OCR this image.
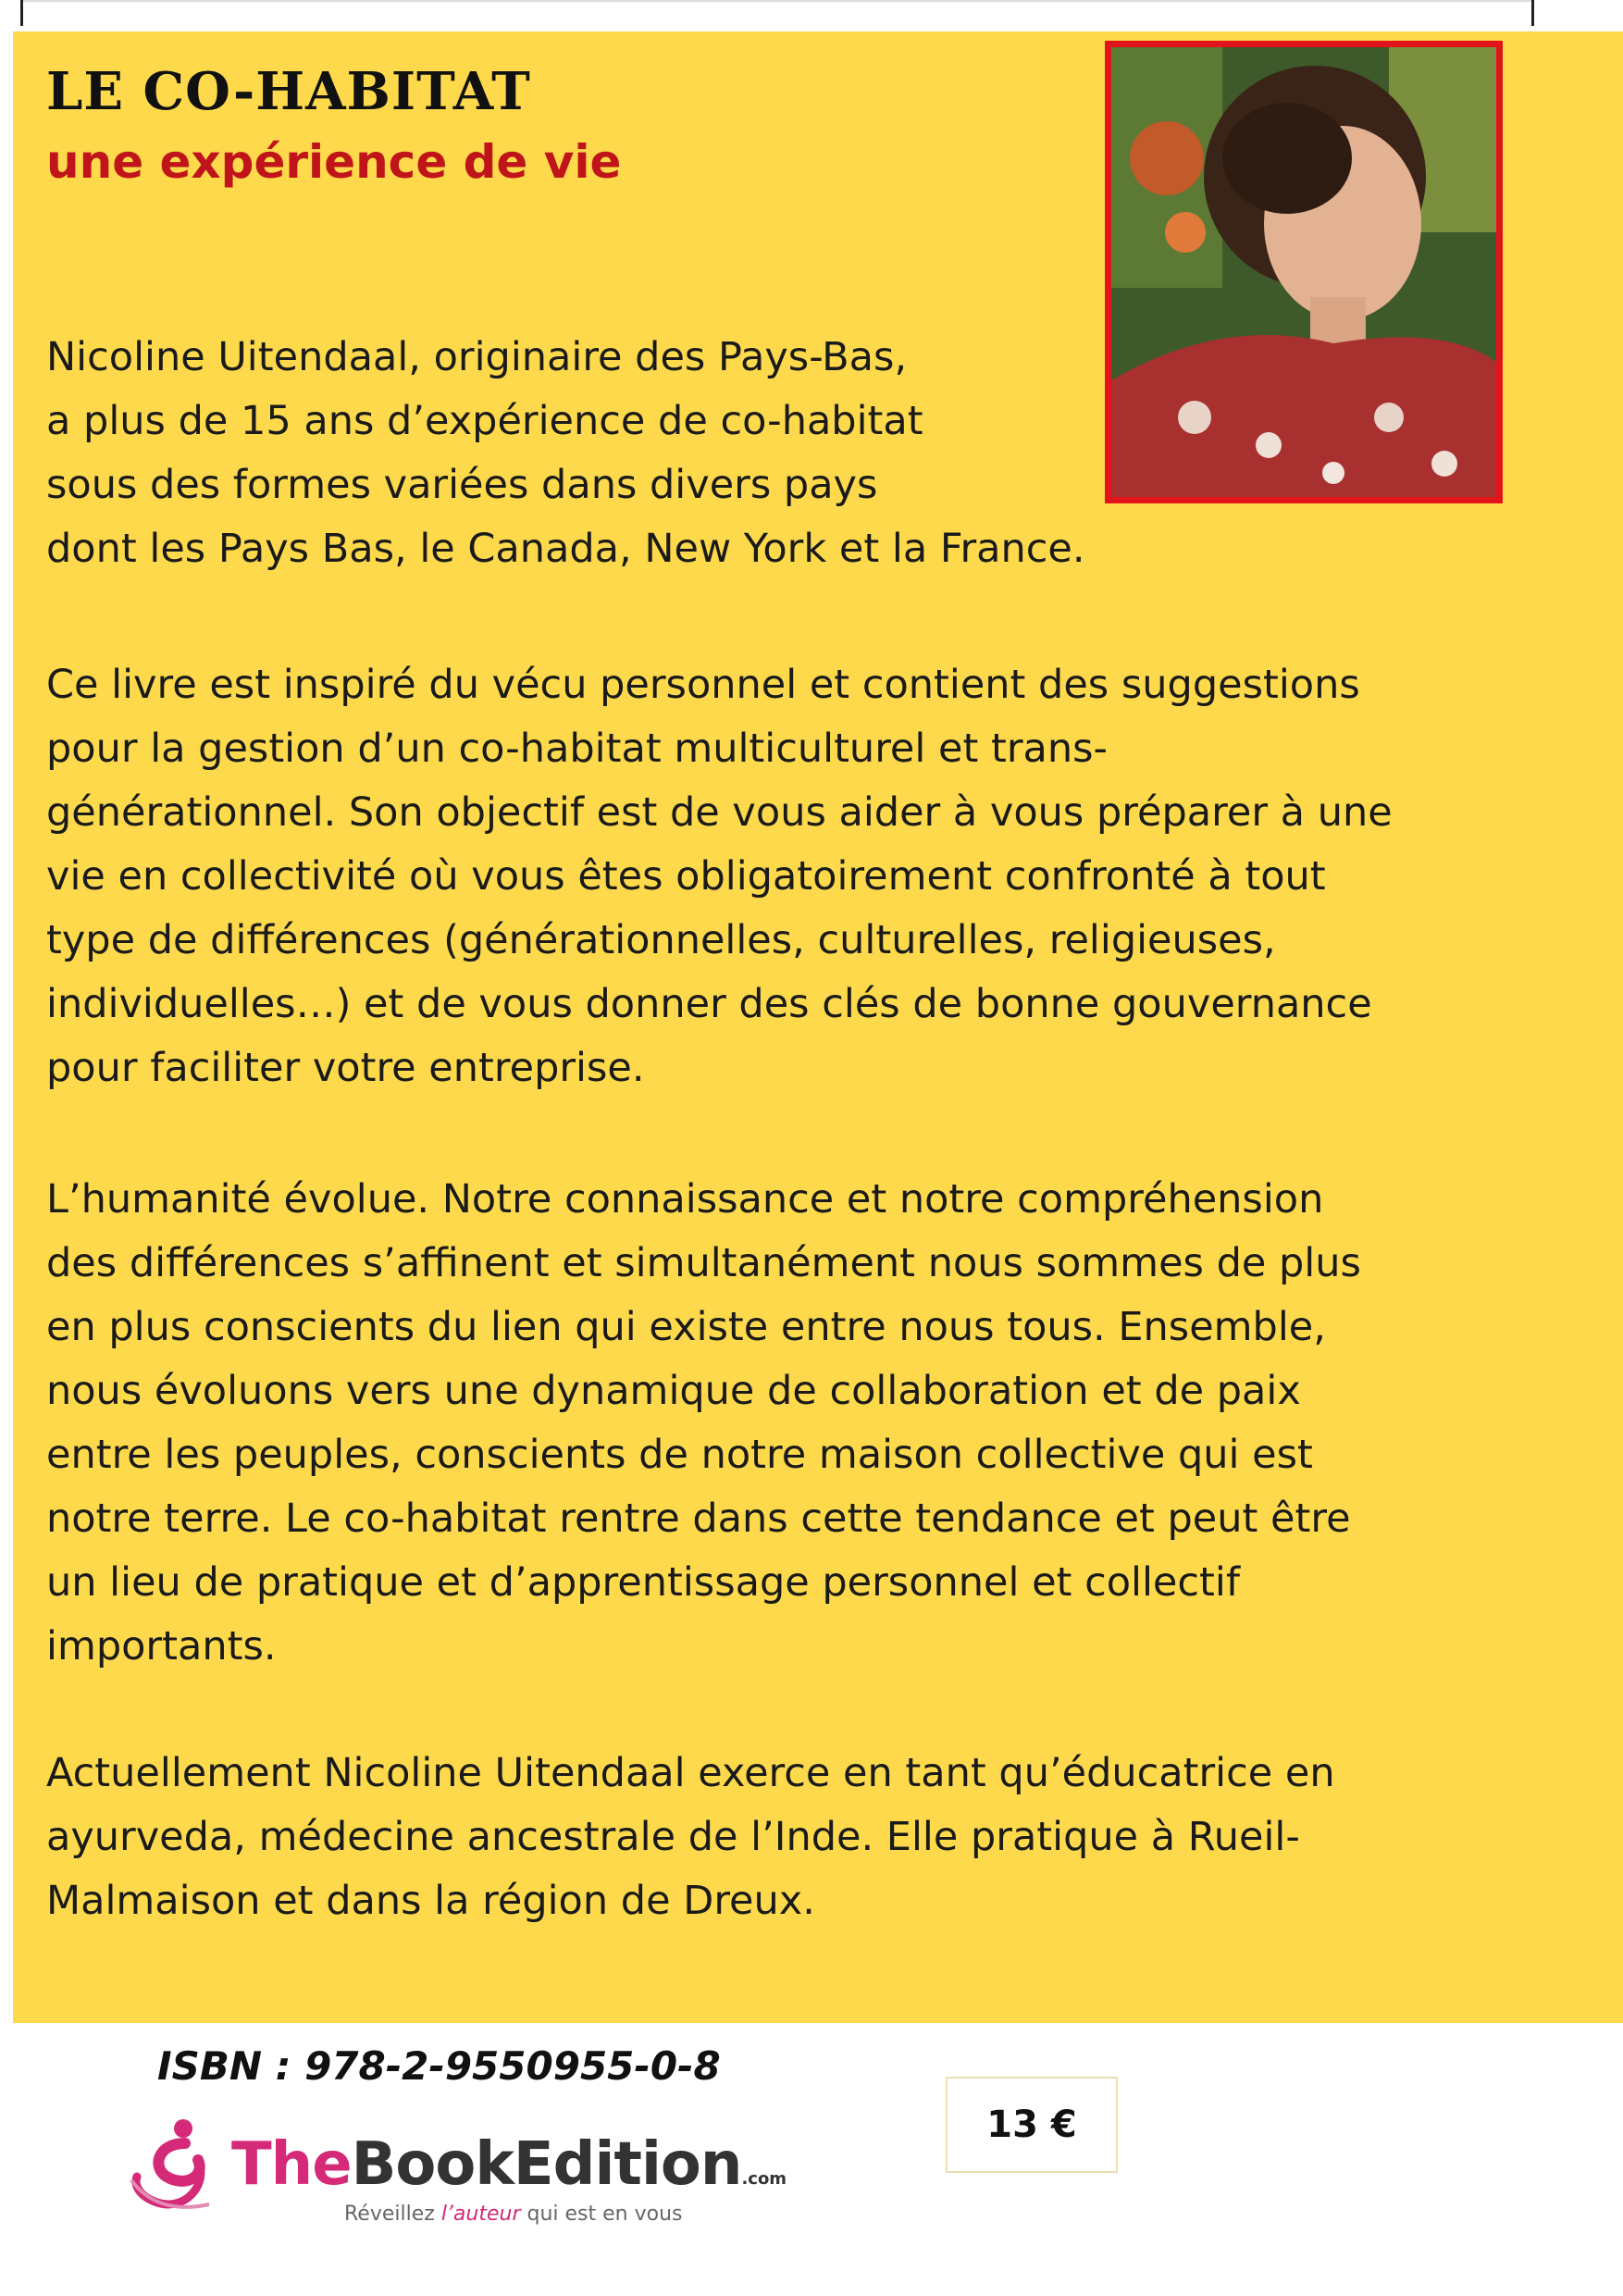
LE CO-HABITAT
une expérience de vie

Nicoline Uitendaal, originaire des Pays-Bas,
a plus de 15 ans d’expérience de co-habitat
sous des formes variées dans divers pays
dont les Pays Bas, le Canada, New York et la France.

Ce livre est inspiré du vécu personnel et contient des suggestions
pour la gestion d’un co-habitat multiculturel et trans-
générationnel. Son objectif est de vous aider à vous préparer à une
vie en collectivité où vous êtes obligatoirement confronté à tout
type de différences (générationnelles, culturelles, religieuses,
individuelles…) et de vous donner des clés de bonne gouvernance
pour faciliter votre entreprise.

L’humanité évolue. Notre connaissance et notre compréhension
des différences s’affinent et simultanément nous sommes de plus
en plus conscients du lien qui existe entre nous tous. Ensemble,
nous évoluons vers une dynamique de collaboration et de paix
entre les peuples, conscients de notre maison collective qui est
notre terre. Le co-habitat rentre dans cette tendance et peut être
un lieu de pratique et d’apprentissage personnel et collectif
importants.

Actuellement Nicoline Uitendaal exerce en tant qu’éducatrice en
ayurveda, médecine ancestrale de l’Inde. Elle pratique à Rueil-
Malmaison et dans la région de Dreux.

ISBN : 978-2-9550955-0-8
TheBookEdition.com
Réveillez l’auteur qui est en vous
13 €
